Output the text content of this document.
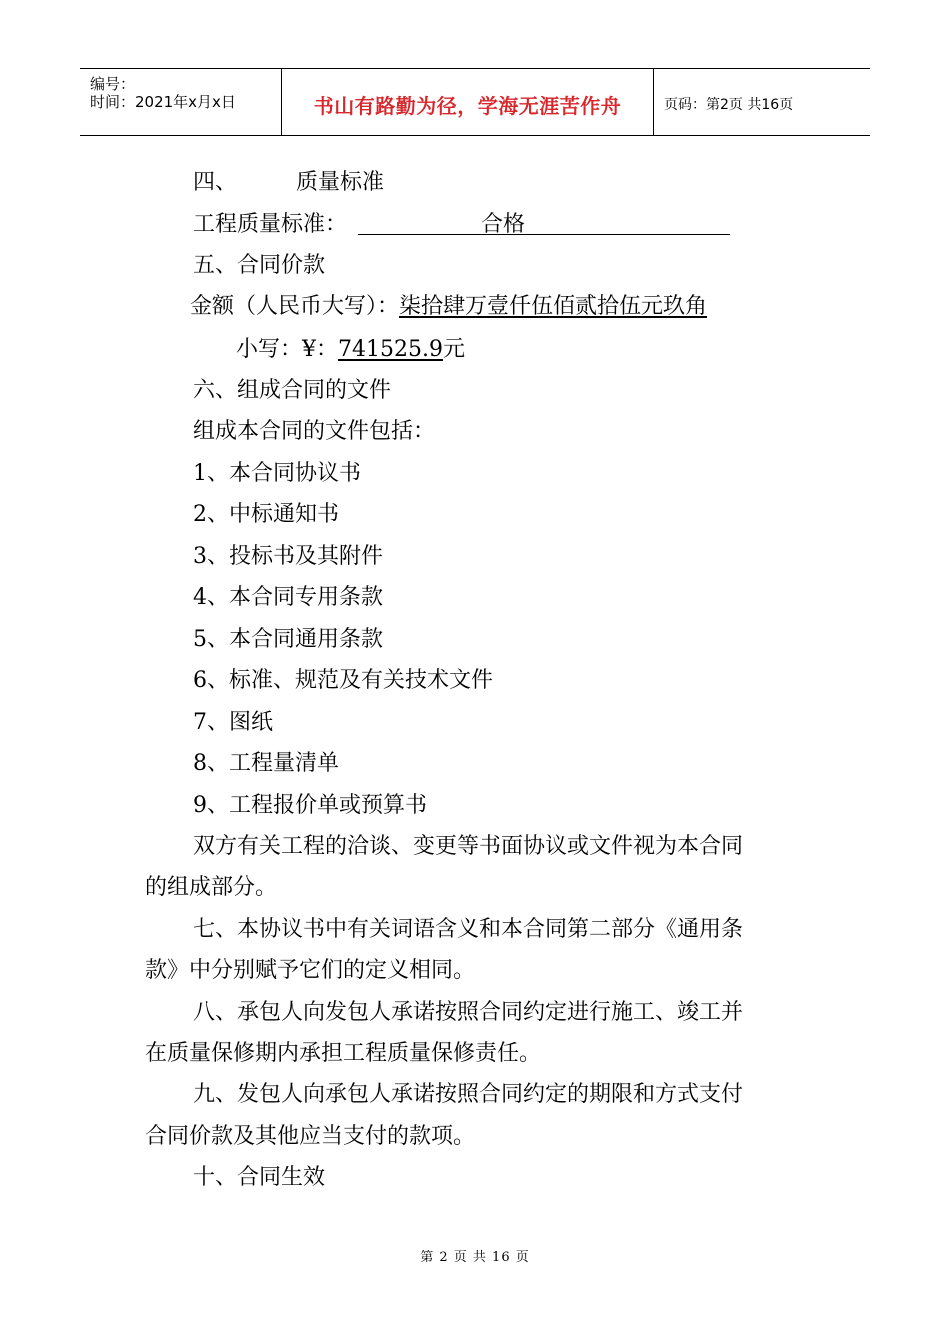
编号：
时间：2021年x月x日	书山有路勤为径，学海无涯苦作舟	页码：第2页 共16页
四、	质量标准
工程质量标准：	合格
五、合同价款
金额（人民币大写）：柒拾肆万壹仟伍佰贰拾伍元玖角
小写：¥：741525.9元
六、组成合同的文件
组成本合同的文件包括：
1、本合同协议书
2、中标通知书
3、投标书及其附件
4、本合同专用条款
5、本合同通用条款
6、标准、规范及有关技术文件
7、图纸
8、工程量清单
9、工程报价单或预算书
双方有关工程的洽谈、变更等书面协议或文件视为本合同
的组成部分。
七、本协议书中有关词语含义和本合同第二部分《通用条
款》中分别赋予它们的定义相同。
八、承包人向发包人承诺按照合同约定进行施工、竣工并
在质量保修期内承担工程质量保修责任。
九、发包人向承包人承诺按照合同约定的期限和方式支付
合同价款及其他应当支付的款项。
十、合同生效
第 2 页 共 16 页
